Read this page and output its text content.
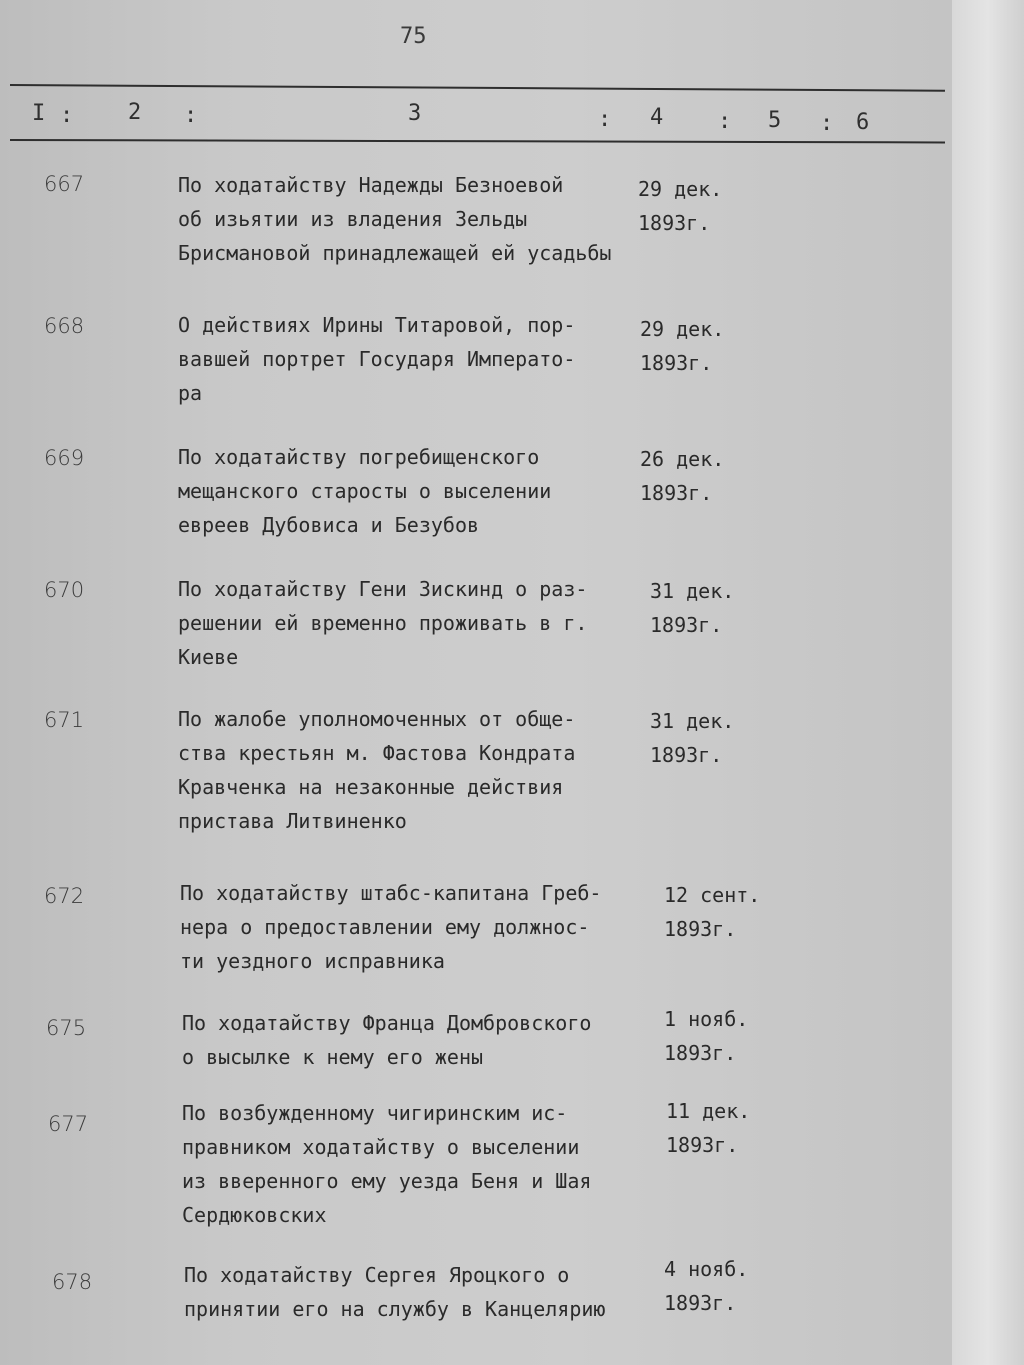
75
I : 2 :	3	: 4 : 5 : 6
667	По ходатайству Надежды Безноевой
об изьятии из владения Зельды
Брисмановой принадлежащей ей усадьбы
29 дек.
1893г.
668	О действиях Ирины Титаровой, пор-
вавшей портрет Государя Императо-
ра
29 дек.
1893г.
669	По ходатайству погребищенского
мещанского старосты о выселении
евреев Дубовиса и Безубов
26 дек.
1893г.
670	По ходатайству Гени Зискинд о раз-
решении ей временно проживать в г.
Киеве
31 дек.
1893г.
671	По жалобе уполномоченных от обще-
ства крестьян м. Фастова Кондрата
Кравченка на незаконные действия
пристава Литвиненко
31 дек.
1893г.
672	По ходатайству штабс-капитана Греб-
нера о предоставлении ему должнос-
ти уездного исправника
12 сент.
1893г.
675	По ходатайству Франца Домбровского
о высылке к нему его жены
1 нояб.
1893г.
677	По возбужденному чигиринским ис-
правником ходатайству о выселении
из вверенного ему уезда Беня и Шая
Сердюковских
11 дек.
1893г.
678	По ходатайству Сергея Яроцкого о
принятии его на службу в Канцелярию
4 нояб.
1893г.
